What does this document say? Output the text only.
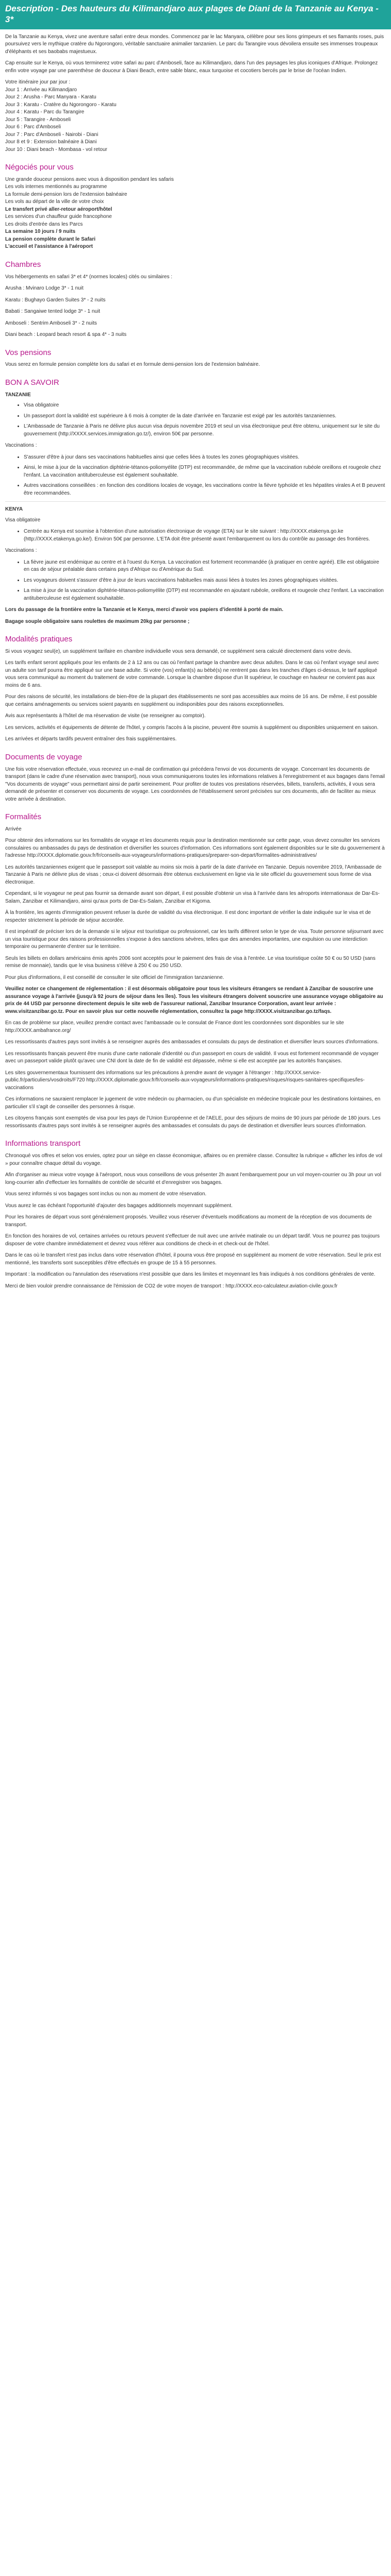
Description - Des hauteurs du Kilimandjaro aux plages de Diani de la Tanzanie au Kenya - 3*

De la Tanzanie au Kenya, vivez une aventure safari entre deux mondes. Commencez par le lac Manyara, célèbre pour ses lions grimpeurs et ses flamants roses, puis poursuivez vers le mythique cratère du Ngorongoro, véritable sanctuaire animalier tanzanien. Le parc du Tarangire vous dévoilera ensuite ses immenses troupeaux d'éléphants et ses baobabs majestueux.

Cap ensuite sur le Kenya, où vous terminerez votre safari au parc d'Amboseli, face au Kilimandjaro, dans l'un des paysages les plus iconiques d'Afrique. Prolongez enfin votre voyage par une parenthèse de douceur à Diani Beach, entre sable blanc, eaux turquoise et cocotiers bercés par le brise de l'océan Indien.

Votre itinéraire jour par jour :
Jour 1 : Arrivée au Kilimandjaro
Jour 2 : Arusha - Parc Manyara - Karatu
Jour 3 : Karatu - Cratère du Ngorongoro - Karatu
Jour 4 : Karatu - Parc du Tarangire
Jour 5 : Tarangire - Amboseli
Jour 6 : Parc d'Amboseli
Jour 7 : Parc d'Amboseli - Nairobi - Diani
Jour 8 et 9 : Extension balnéaire à Diani
Jour 10 : Diani beach - Mombasa - vol retour
Négociés pour vous
Une grande douceur pensions avec vous à disposition pendant les safaris
Les vols internes mentionnés au programme
La formule demi-pension lors de l'extension balnéaire
Les vols au départ de la ville de votre choix
Le transfert privé aller-retour aéroport/hôtel
Les services d'un chauffeur guide francophone
Les droits d'entrée dans les Parcs
La semaine 10 jours / 9 nuits
La pension complète durant le Safari
L'accueil et l'assistance à l'aéroport
Chambres

Vos hébergements en safari 3* et 4* (normes locales) cités ou similaires :

Arusha : Mvinaro Lodge 3* - 1 nuit

Karatu : Bughayo Garden Suites 3* - 2 nuits

Babati : Sangaiwe tented lodge 3* - 1 nuit

Amboseli : Sentrim Amboseli 3* - 2 nuits

Diani beach : Leopard beach resort & spa 4* - 3 nuits

Vos pensions

Vous serez en formule pension complète lors du safari et en formule demi-pension lors de l'extension balnéaire.

BON A SAVOIR
TANZANIE
• Visa obligatoire
• Un passeport dont la validité est supérieure à 6 mois à compter de la date d'arrivée en Tanzanie est exigé par les autorités tanzaniennes.
• L'Ambassade de Tanzanie à Paris ne délivre plus aucun visa depuis novembre 2019 et seul un visa électronique peut être obtenu, uniquement sur le site du gouvernement (http://XXXX.services.immigration.go.tz/), environ 50€ par personne.

Vaccinations :

• S'assurer d'être à jour dans ses vaccinations habituelles ainsi que celles liées à toutes les zones géographiques visitées.
• Ainsi, le mise à jour de la vaccination diphtérie-tétanos-poliomyélite (DTP) est recommandée, de même que la vaccination rubéole oreillons et rougeole chez l'enfant. La vaccination antituberculeuse est également souhaitable.
• Autres vaccinations conseillées : en fonction des conditions locales de voyage, les vaccinations contre la fièvre typhoïde et les hépatites virales A et B peuvent être recommandées.
KENYA

Visa obligatoire

• Centrée au Kenya est soumise à l'obtention d'une autorisation électronique de voyage (ETA) sur le site suivant : http://XXXX.etakenya.go.ke (http://XXXX.etakenya.go.ke/). Environ 50€ par personne. L'ETA doit être présenté avant l'embarquement ou lors du contrôle au passage des frontières.

Vaccinations :

• La fièvre jaune est endémique au centre et à l'ouest du Kenya. La vaccination est fortement recommandée (à pratiquer en centre agréé). Elle est obligatoire en cas de séjour préalable dans certains pays d'Afrique ou d'Amérique du Sud.
• Les voyageurs doivent s'assurer d'être à jour de leurs vaccinations habituelles mais aussi liées à toutes les zones géographiques visitées.
• La mise à jour de la vaccination diphtérie-tétanos-poliomyélite (DTP) est recommandée en ajoutant rubéole, oreillons et rougeole chez l'enfant. La vaccination antituberculeuse est également souhaitable.

Lors du passage de la frontière entre la Tanzanie et le Kenya, merci d'avoir vos papiers d'identité à porté de main.

Bagage souple obligatoire sans roulettes de maximum 20kg par personne ;

Modalités pratiques

Si vous voyagez seul(e), un supplément tarifaire en chambre individuelle vous sera demandé, ce supplément sera calculé directement dans votre devis.

Les tarifs enfant seront appliqués pour les enfants de 2 à 12 ans ou cas où l'enfant partage la chambre avec deux adultes. Dans le cas où l'enfant voyage seul avec un adulte son tarif pourra être appliqué sur une base adulte. Si votre (vos) enfant(s) au bébé(s) ne rentrent pas dans les tranches d'âges ci-dessus, le tarif appliqué vous sera communiqué au moment du traitement de votre commande. Lorsque la chambre dispose d'un lit supérieur, le couchage en hauteur ne convient pas aux moins de 6 ans.

Pour des raisons de sécurité, les installations de bien-être de la plupart des établissements ne sont pas accessibles aux moins de 16 ans. De même, il est possible que certains aménagements ou services soient payants en supplément ou indisponibles pour des raisons exceptionnelles.

Avis aux représentants à l'hôtel de ma réservation de visite (se renseigner au comptoir).

Les services, activités et équipements de détente de l'hôtel, y compris l'accès à la piscine, peuvent être soumis à supplément ou disponibles uniquement en saison.

Les arrivées et départs tardifs peuvent entraîner des frais supplémentaires.

Documents de voyage

Une fois votre réservation effectuée, vous recevrez un e-mail de confirmation qui précédera l'envoi de vos documents de voyage. Concernant les documents de transport (dans le cadre d'une réservation avec transport), nous vous communiquerons toutes les informations relatives à l'enregistrement et aux bagages dans l'email "Vos documents de voyage" vous permettant ainsi de partir sereinement. Pour profiter de toutes vos prestations réservées, billets, transferts, activités, il vous sera demandé de présenter et conserver vos documents de voyage. Les coordonnées de l'établissement seront précisées sur ces documents, afin de faciliter au mieux votre arrivée à destination.

Formalités

Arrivée

Pour obtenir des informations sur les formalités de voyage et les documents requis pour la destination mentionnée sur cette page, vous devez consulter les services consulaires ou ambassades du pays de destination et diversifier les sources d'information. Ces informations sont également disponibles sur le site du gouvernement à l'adresse http://XXXX.diplomatie.gouv.fr/fr/conseils-aux-voyageurs/informations-pratiques/preparer-son-depart/formalites-administratives/

Les autorités tanzaniennes exigent que le passeport soit valable au moins six mois à partir de la date d'arrivée en Tanzanie. Depuis novembre 2019, l'Ambassade de Tanzanie à Paris ne délivre plus de visas ; ceux-ci doivent désormais être obtenus exclusivement en ligne via le site officiel du gouvernement sous forme de visa électronique.

Cependant, si le voyageur ne peut pas fournir sa demande avant son départ, il est possible d'obtenir un visa à l'arrivée dans les aéroports internationaux de Dar-Es-Salam, Zanzibar et Kilimandjaro, ainsi qu'aux ports de Dar-Es-Salam, Zanzibar et Kigoma.

À la frontière, les agents d'immigration peuvent refuser la durée de validité du visa électronique. Il est donc important de vérifier la date indiquée sur le visa et de respecter strictement la période de séjour accordée.

Il est impératif de préciser lors de la demande si le séjour est touristique ou professionnel, car les tarifs diffèrent selon le type de visa. Toute personne séjournant avec un visa touristique pour des raisons professionnelles s'expose à des sanctions sévères, telles que des amendes importantes, une expulsion ou une interdiction temporaire ou permanente d'entrer sur le territoire.

Seuls les billets en dollars américains émis après 2006 sont acceptés pour le paiement des frais de visa à l'entrée. Le visa touristique coûte 50 € ou 50 USD (sans remise de monnaie), tandis que le visa business s'élève à 250 € ou 250 USD.

Pour plus d'informations, il est conseillé de consulter le site officiel de l'immigration tanzanienne.

Veuillez noter ce changement de réglementation : il est désormais obligatoire pour tous les visiteurs étrangers se rendant à Zanzibar de souscrire une assurance voyage à l'arrivée (jusqu'à 92 jours de séjour dans les îles). Tous les visiteurs étrangers doivent souscrire une assurance voyage obligatoire au prix de 44 USD par personne directement depuis le site web de l'assureur national, Zanzibar Insurance Corporation, avant leur arrivée : www.visitzanzibar.go.tz. Pour en savoir plus sur cette nouvelle réglementation, consultez la page http://XXXX.visitzanzibar.go.tz/faqs.

En cas de problème sur place, veuillez prendre contact avec l'ambassade ou le consulat de France dont les coordonnées sont disponibles sur le site http://XXXX.ambafrance.org/

Les ressortissants d'autres pays sont invités à se renseigner auprès des ambassades et consulats du pays de destination et diversifier leurs sources d'informations.

Les ressortissants français peuvent être munis d'une carte nationale d'identité ou d'un passeport en cours de validité. Il vous est fortement recommandé de voyager avec un passeport valide plutôt qu'avec une CNI dont la date de fin de validité est dépassée, même si elle est acceptée par les autorités françaises.

Les sites gouvernementaux fournissent des informations sur les précautions à prendre avant de voyager à l'étranger : http://XXXX.service-public.fr/particuliers/vosdroits/F720 http://XXXX.diplomatie.gouv.fr/fr/conseils-aux-voyageurs/informations-pratiques/risques/risques-sanitaires-specifiques/les-vaccinations

Ces informations ne sauraient remplacer le jugement de votre médecin ou pharmacien, ou d'un spécialiste en médecine tropicale pour les destinations lointaines, en particulier s'il s'agit de conseiller des personnes à risque.

Les citoyens français sont exemptés de visa pour les pays de l'Union Européenne et de l'AELE, pour des séjours de moins de 90 jours par période de 180 jours. Les ressortissants d'autres pays sont invités à se renseigner auprès des ambassades et consulats du pays de destination et diversifier leurs sources d'information.

Informations transport

Chronoqué vos offres et selon vos envies, optez pour un siège en classe économique, affaires ou en première classe. Consultez la rubrique « afficher les infos de vol » pour connaître chaque détail du voyage.

Afin d'organiser au mieux votre voyage à l'aéroport, nous vous conseillons de vous présenter 2h avant l'embarquement pour un vol moyen-courrier ou 3h pour un vol long-courrier afin d'effectuer les formalités de contrôle de sécurité et d'enregistrer vos bagages.

Vous serez informés si vos bagages sont inclus ou non au moment de votre réservation.

Vous aurez le cas échéant l'opportunité d'ajouter des bagages additionnels moyennant supplément.

Pour les horaires de départ vous sont généralement proposés. Veuillez vous réserver d'éventuels modifications au moment de la réception de vos documents de transport.

En fonction des horaires de vol, certaines arrivées ou retours peuvent s'effectuer de nuit avec une arrivée matinale ou un départ tardif. Vous ne pourrez pas toujours disposer de votre chambre immédiatement et devrez vous référer aux conditions de check-in et check-out de l'hôtel.

Dans le cas où le transfert n'est pas inclus dans votre réservation d'hôtel, il pourra vous être proposé en supplément au moment de votre réservation. Seul le prix est mentionné, les transferts sont susceptibles d'être effectués en groupe de 15 à 55 personnes.

Important : la modification ou l'annulation des réservations n'est possible que dans les limites et moyennant les frais indiqués à nos conditions générales de vente.

Merci de bien vouloir prendre connaissance de l'émission de CO2 de votre moyen de transport : http://XXXX.eco-calculateur.aviation-civile.gouv.fr
